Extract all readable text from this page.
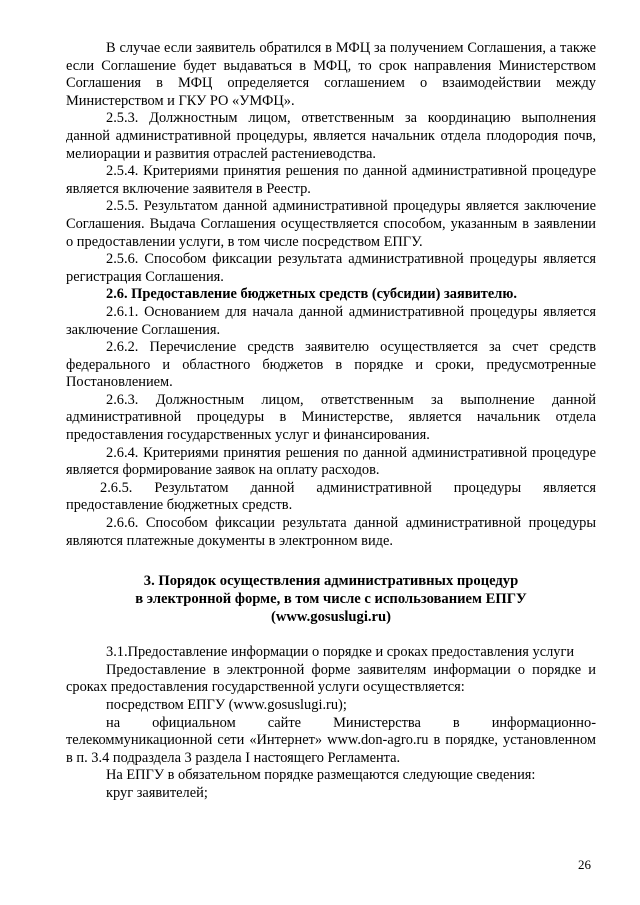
В случае если заявитель обратился в МФЦ за получением Соглашения, а также если Соглашение будет выдаваться в МФЦ, то срок направления Министерством Соглашения в МФЦ определяется соглашением о взаимодействии между Министерством и ГКУ РО «УМФЦ».

2.5.3. Должностным лицом, ответственным за координацию выполнения данной административной процедуры, является начальник отдела плодородия почв, мелиорации и развития отраслей растениеводства.

2.5.4. Критериями принятия решения по данной административной процедуре является включение заявителя в Реестр.

2.5.5. Результатом данной административной процедуры является заключение Соглашения. Выдача Соглашения осуществляется способом, указанным в заявлении о предоставлении услуги, в том числе посредством ЕПГУ.

2.5.6. Способом фиксации результата административной процедуры является регистрация Соглашения.

2.6. Предоставление бюджетных средств (субсидии) заявителю.

2.6.1. Основанием для начала данной административной процедуры является заключение Соглашения.

2.6.2. Перечисление средств заявителю осуществляется за счет средств федерального и областного бюджетов в порядке и сроки, предусмотренные Постановлением.

2.6.3. Должностным лицом, ответственным за выполнение данной административной процедуры в Министерстве, является начальник отдела предоставления государственных услуг и финансирования.

2.6.4. Критериями принятия решения по данной административной процедуре является формирование заявок на оплату расходов.

2.6.5. Результатом данной административной процедуры является предоставление бюджетных средств.

2.6.6. Способом фиксации результата данной административной процедуры являются платежные документы в электронном виде.

3. Порядок осуществления административных процедур

в электронной форме, в том числе с использованием ЕПГУ

(www.gosuslugi.ru)

3.1.Предоставление информации о порядке и сроках предоставления услуги

Предоставление в электронной форме заявителям информации о порядке и сроках предоставления государственной услуги осуществляется:

посредством ЕПГУ (www.gosuslugi.ru);

на официальном сайте Министерства в информационно-телекоммуникационной сети «Интернет» www.don-agro.ru в порядке, установленном в п. 3.4 подраздела 3 раздела I настоящего Регламента.

На ЕПГУ в обязательном порядке размещаются следующие сведения:

круг заявителей;

26
